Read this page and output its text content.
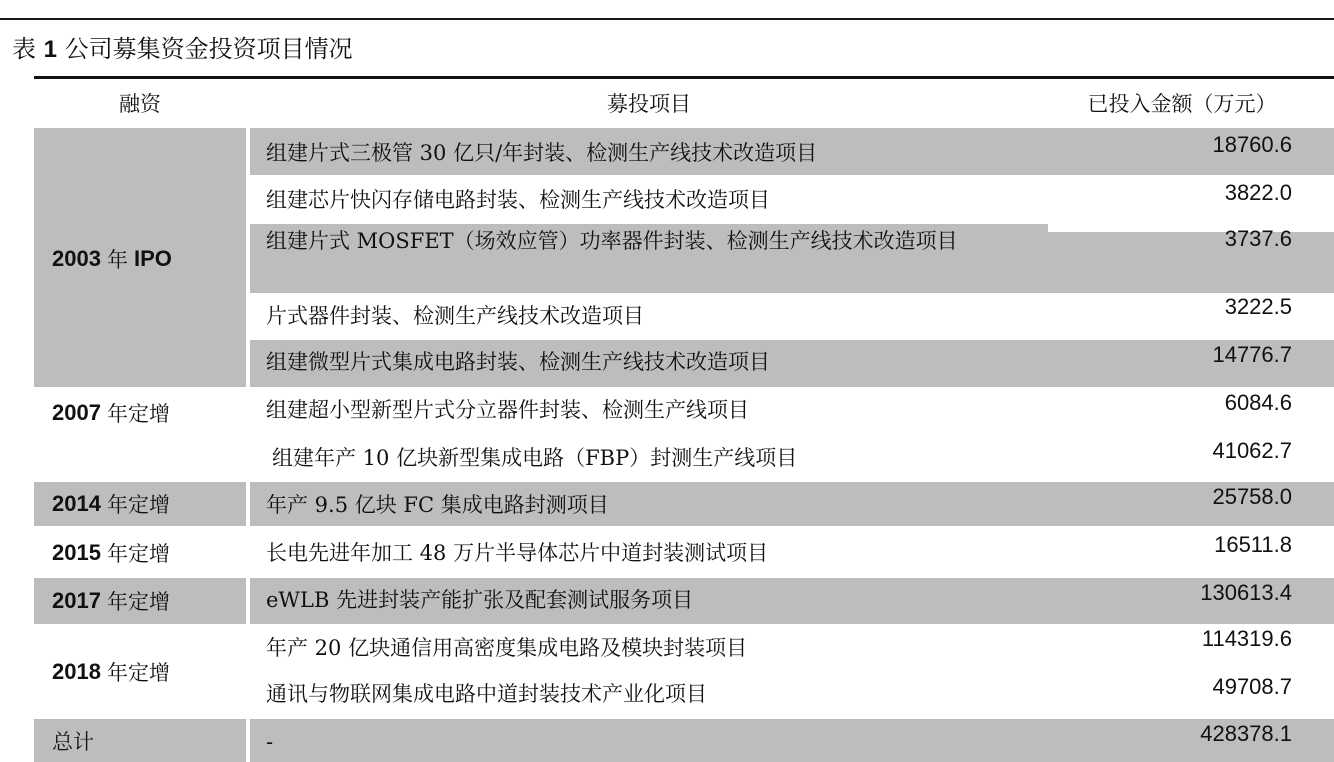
表 1 公司募集资金投资项目情况
融资	募投项目	已投入金额（万元）
2003 年 IPO
2007 年定增
2014 年定增
2015 年定增
2017 年定增
2018 年定增
总计
组建片式三极管 30 亿只/年封装、检测生产线技术改造项目
组建芯片快闪存储电路封装、检测生产线技术改造项目
组建片式 MOSFET（场效应管）功率器件封装、检测生产线技术改造项目
片式器件封装、检测生产线技术改造项目
组建微型片式集成电路封装、检测生产线技术改造项目
组建超小型新型片式分立器件封装、检测生产线项目
组建年产 10 亿块新型集成电路（FBP）封测生产线项目
年产 9.5 亿块 FC 集成电路封测项目
长电先进年加工 48 万片半导体芯片中道封装测试项目
eWLB 先进封装产能扩张及配套测试服务项目
年产 20 亿块通信用高密度集成电路及模块封装项目
通讯与物联网集成电路中道封装技术产业化项目
-
18760.6
3822.0
3737.6
3222.5
14776.7
6084.6
41062.7
25758.0
16511.8
130613.4
114319.6
49708.7
428378.1
